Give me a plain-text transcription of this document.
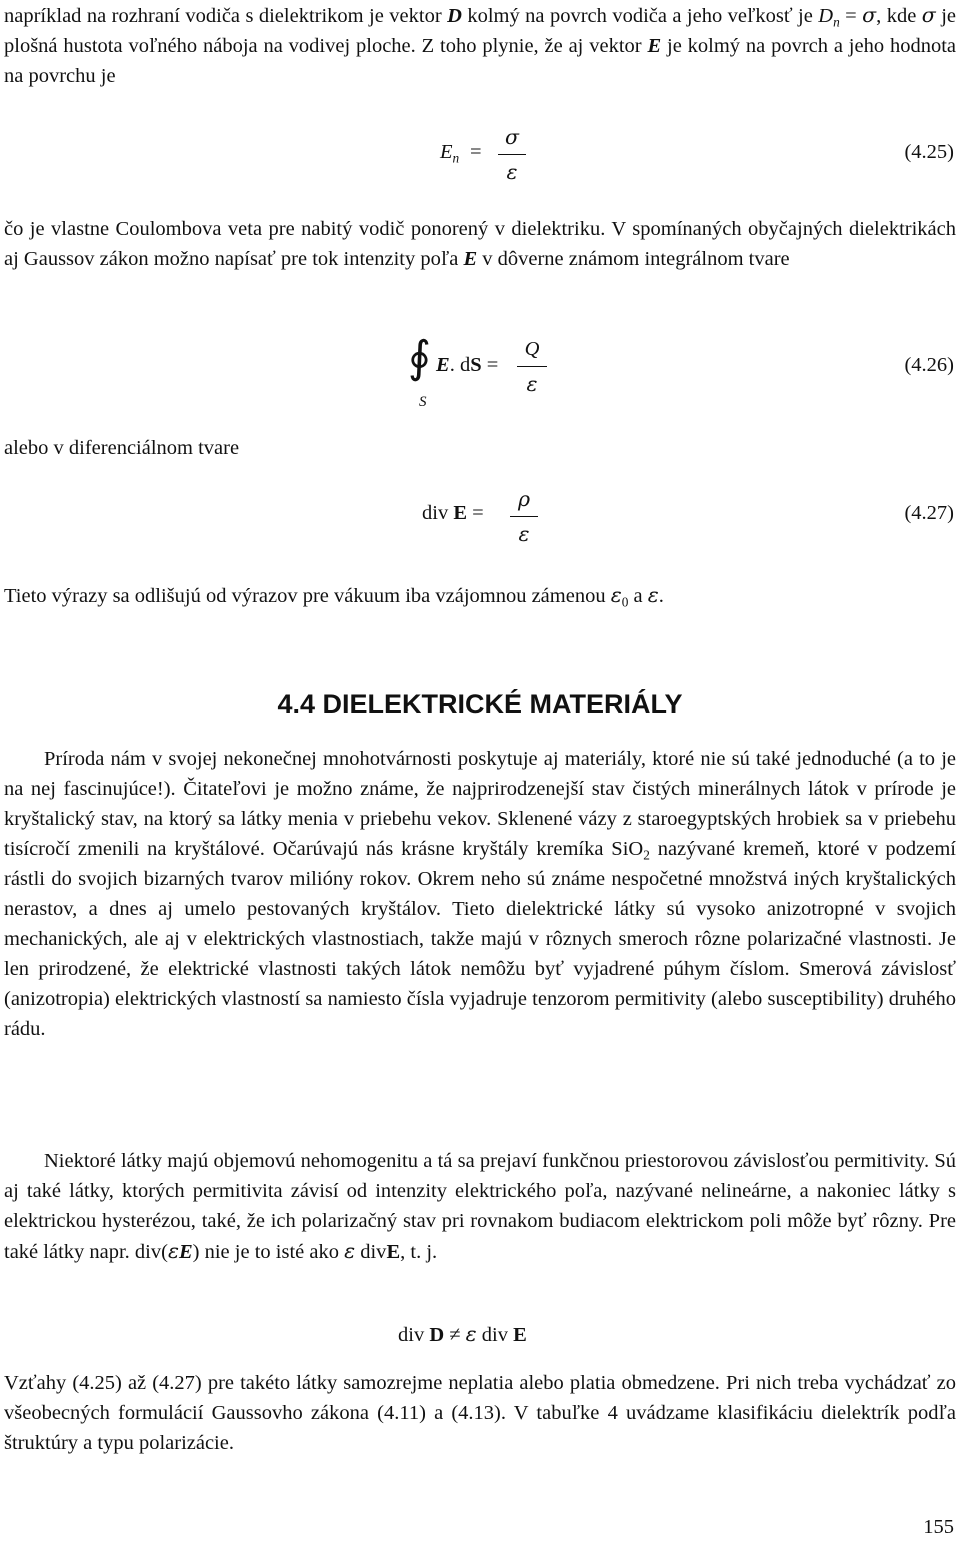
napríklad na rozhraní vodiča s dielektrikom je vektor D kolmý na povrch vodiča a jeho veľkosť je $D_n = \sigma$, kde σ je plošná hustota voľného náboja na vodivej ploche. Z toho plynie, že aj vektor E je kolmý na povrch a jeho hodnota na povrchu je

$E_n = \frac{\sigma}{\varepsilon}$	(4.25)

čo je vlastne Coulombova veta pre nabitý vodič ponorený v dielektriku. V spomínaných obyčajných dielektrikách aj Gaussov zákon možno napísať pre tok intenzity poľa E v dôverne známom integrálnom tvare

∮
S
E. dS = $\frac{Q}{\varepsilon}$	(4.26)
alebo v diferenciálnom tvare
div $E = \frac{\rho}{\varepsilon}$	(4.27)
Tieto výrazy sa odlišujú od výrazov pre vákuum iba vzájomnou zámenou $\varepsilon_0$ a ε.
4.4 DIELEKTRICKÉ MATERIÁLY

Príroda nám v svojej nekonečnej mnohotvárnosti poskytuje aj materiály, ktoré nie sú také jednoduché (a to je na nej fascinujúce!). Čitateľovi je možno známe, že najprirodzenejší stav čistých minerálnych látok v prírode je kryštalický stav, na ktorý sa látky menia v priebehu vekov. Sklenené vázy z staroegyptských hrobiek sa v priebehu tisícročí zmenili na kryštálové. Očarúvajú nás krásne kryštály kremíka SiO$_2$ nazývané kremeň, ktoré v podzemí rástli do svojich bizarných tvarov milióny rokov. Okrem neho sú známe nespočetné množstvá iných kryštalických nerastov, a dnes aj umelo pestovaných kryštálov. Tieto dielektrické látky sú vysoko anizotropné v svojich mechanických, ale aj v elektrických vlastnostiach, takže majú v rôznych smeroch rôzne polarizačné vlastnosti. Je len prirodzené, že elektrické vlastnosti takých látok nemôžu byť vyjadrené púhym číslom. Smerová závislosť (anizotropia) elektrických vlastností sa namiesto čísla vyjadruje tenzorom permitivity (alebo susceptibility) druhého rádu.

Niektoré látky majú objemovú nehomogenitu a tá sa prejaví funkčnou priestorovou závislosťou permitivity. Sú aj také látky, ktorých permitivita závisí od intenzity elektrického poľa, nazývané nelineárne, a nakoniec látky s elektrickou hysterézou, také, že ich polarizačný stav pri rovnakom budiacom elektrickom poli môže byť rôzny. Pre také látky napr. div(εE) nie je to isté ako ε divE, t. j.

div D ≠ ε div E

Vzťahy (4.25) až (4.27) pre takéto látky samozrejme neplatia alebo platia obmedzene. Pri nich treba vychádzať zo všeobecných formulácií Gaussovho zákona (4.11) a (4.13). V tabuľke 4 uvádzame klasifikáciu dielektrík podľa štruktúry a typu polarizácie.

155
